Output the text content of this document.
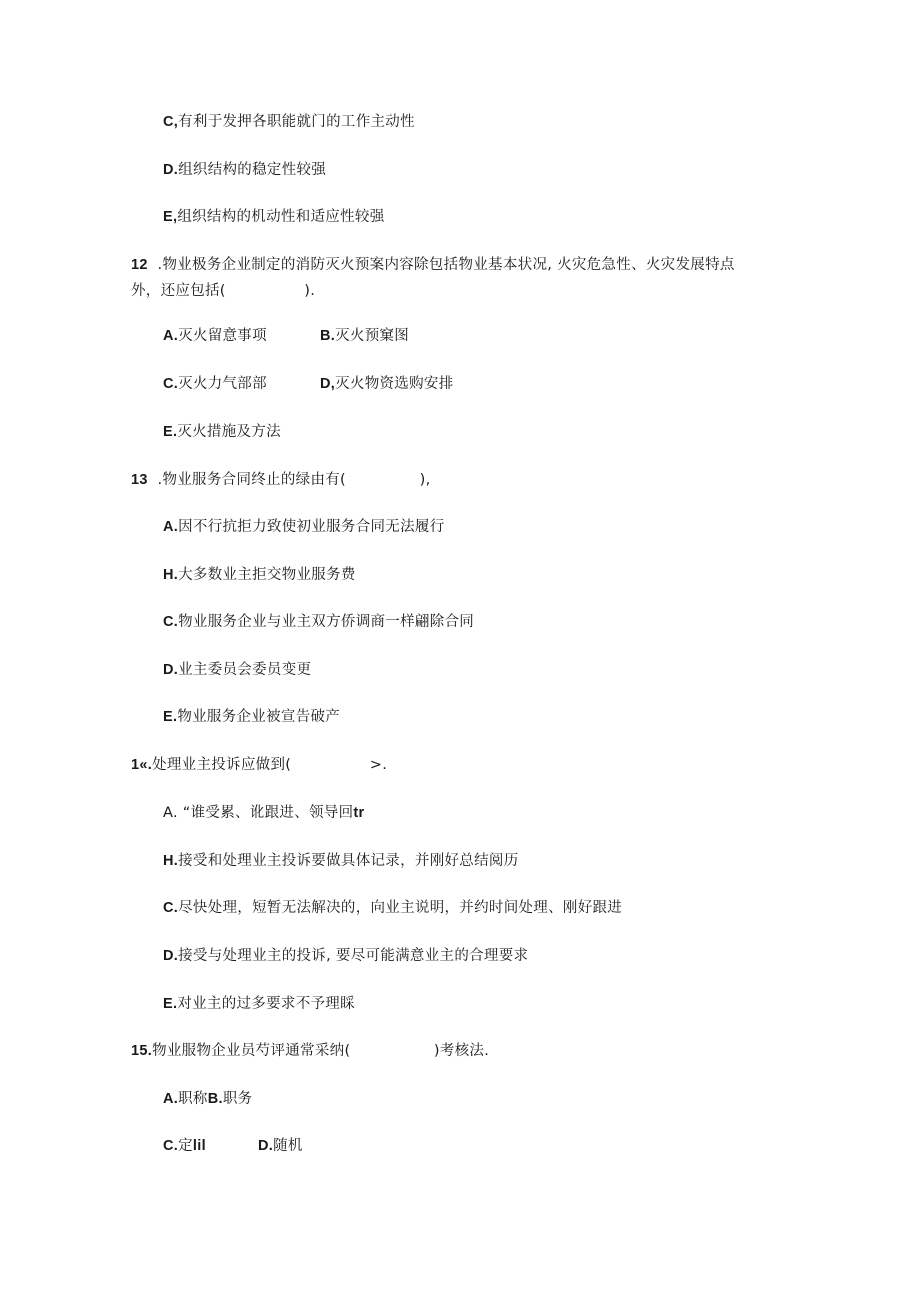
C,有利于发押各职能就门的工作主动性
D.组织结构的稳定性较强
E,组织结构的机动性和适应性较强
12  .物业极务企业制定的消防灭火预案内容除包括物业基本状况, 火灾危急性、火灾发展特点
外，还应包括(                ).
A.灭火留意事项	B.灭火预窠图
C.灭火力气部部	D,灭火物资选购安排
E.灭火措施及方法
13  .物业服务合同终止的绿由有(               ),
A.因不行抗拒力致使初业服务合同无法履行
H.大多数业主拒交物业服务费
C.物业服务企业与业主双方侨调商一样翩除合同
D.业主委员会委员变更
E.物业服务企业被宣告破产
1«.处理业主投诉应做到(                >.
A. “谁受累、讹跟进、领导回tr
H.接受和处理业主投诉要做具体记录，并刚好总结阅历
C.尽快处理，短暂无法解决的，向业主说明，并约时间处理、刚好跟进
D.接受与处理业主的投诉, 要尽可能满意业主的合理要求
E.对业主的过多要求不予理睬
15.物业服物企业员芍评通常采纳(                 )考核法.
A.职称B.职务
C.定lil	D.随机
